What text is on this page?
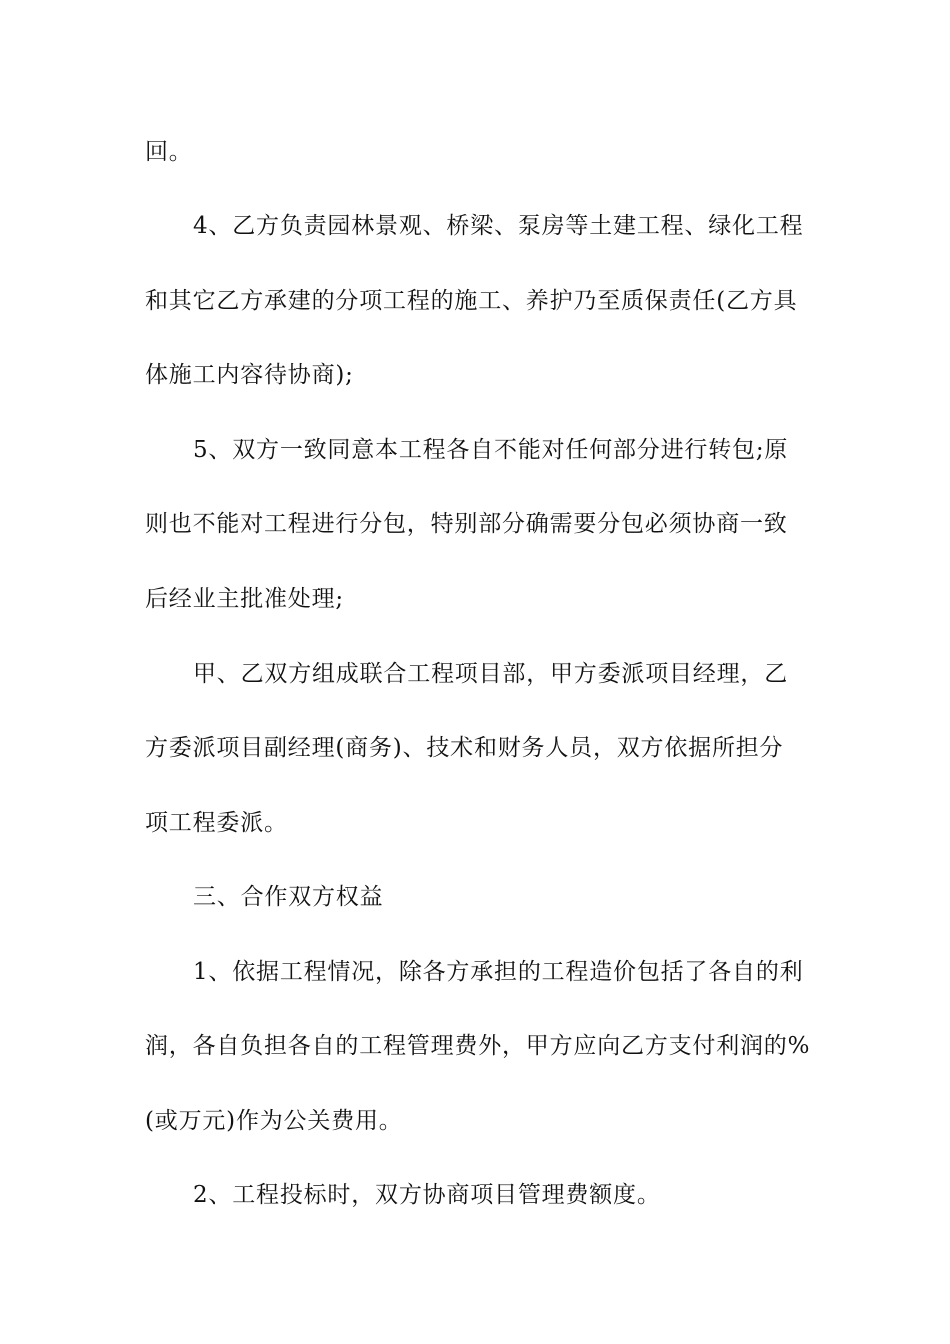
回。
4、乙方负责园林景观、桥梁、泵房等土建工程、绿化工程
和其它乙方承建的分项工程的施工、养护乃至质保责任(乙方具
体施工内容待协商);
5、双方一致同意本工程各自不能对任何部分进行转包;原
则也不能对工程进行分包，特别部分确需要分包必须协商一致
后经业主批准处理;
甲、乙双方组成联合工程项目部，甲方委派项目经理，乙
方委派项目副经理(商务)、技术和财务人员，双方依据所担分
项工程委派。
三、合作双方权益
1、依据工程情况，除各方承担的工程造价包括了各自的利
润，各自负担各自的工程管理费外，甲方应向乙方支付利润的%
(或万元)作为公关费用。
2、工程投标时，双方协商项目管理费额度。
